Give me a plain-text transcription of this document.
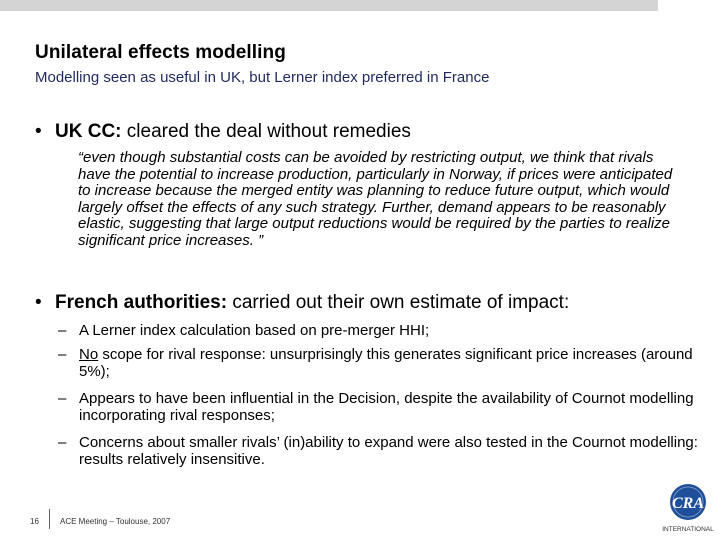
Unilateral effects modelling
Modelling seen as useful in UK, but Lerner index preferred in France
• UK CC: cleared the deal without remedies
“even though substantial costs can be avoided by restricting output, we think that rivals have the potential to increase production, particularly in Norway, if prices were anticipated to increase because the merged entity was planning to reduce future output, which would largely offset the effects of any such strategy. Further, demand appears to be reasonably elastic, suggesting that large output reductions would be required by the parties to realize significant price increases. ”
• French authorities: carried out their own estimate of impact:
– A Lerner index calculation based on pre-merger HHI;
– No scope for rival response: unsurprisingly this generates significant price increases (around 5%);
– Appears to have been influential in the Decision, despite the availability of Cournot modelling incorporating rival responses;
– Concerns about smaller rivals’ (in)ability to expand were also tested in the Cournot modelling: results relatively insensitive.
16	ACE Meeting – Toulouse, 2007
CRA
INTERNATIONAL
